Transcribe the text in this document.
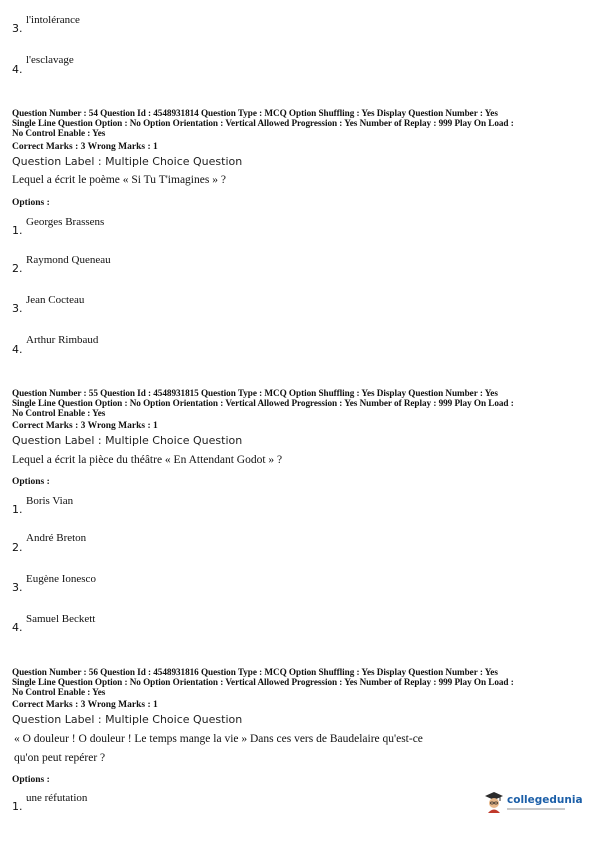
3.
l'intolérance
4.
l'esclavage
Question Number : 54 Question Id : 4548931814 Question Type : MCQ Option Shuffling : Yes Display Question Number : Yes
Single Line Question Option : No Option Orientation : Vertical Allowed Progression : Yes Number of Replay : 999 Play On Load :
No Control Enable : Yes
Correct Marks : 3 Wrong Marks : 1
Question Label : Multiple Choice Question
Lequel a écrit le poème « Si Tu T'imagines » ?
Options :
1.
Georges Brassens
2.
Raymond Queneau
3.
Jean Cocteau
4.
Arthur Rimbaud
Question Number : 55 Question Id : 4548931815 Question Type : MCQ Option Shuffling : Yes Display Question Number : Yes
Single Line Question Option : No Option Orientation : Vertical Allowed Progression : Yes Number of Replay : 999 Play On Load :
No Control Enable : Yes
Correct Marks : 3 Wrong Marks : 1
Question Label : Multiple Choice Question
Lequel a écrit la pièce du théâtre « En Attendant Godot » ?
Options :
1.
Boris Vian
2.
André Breton
3.
Eugène Ionesco
4.
Samuel Beckett
Question Number : 56 Question Id : 4548931816 Question Type : MCQ Option Shuffling : Yes Display Question Number : Yes
Single Line Question Option : No Option Orientation : Vertical Allowed Progression : Yes Number of Replay : 999 Play On Load :
No Control Enable : Yes
Correct Marks : 3 Wrong Marks : 1
Question Label : Multiple Choice Question
« O douleur ! O douleur ! Le temps mange la vie » Dans ces vers de Baudelaire qu'est-ce
qu'on peut repérer ?
Options :
1.
une réfutation	collegedunia
